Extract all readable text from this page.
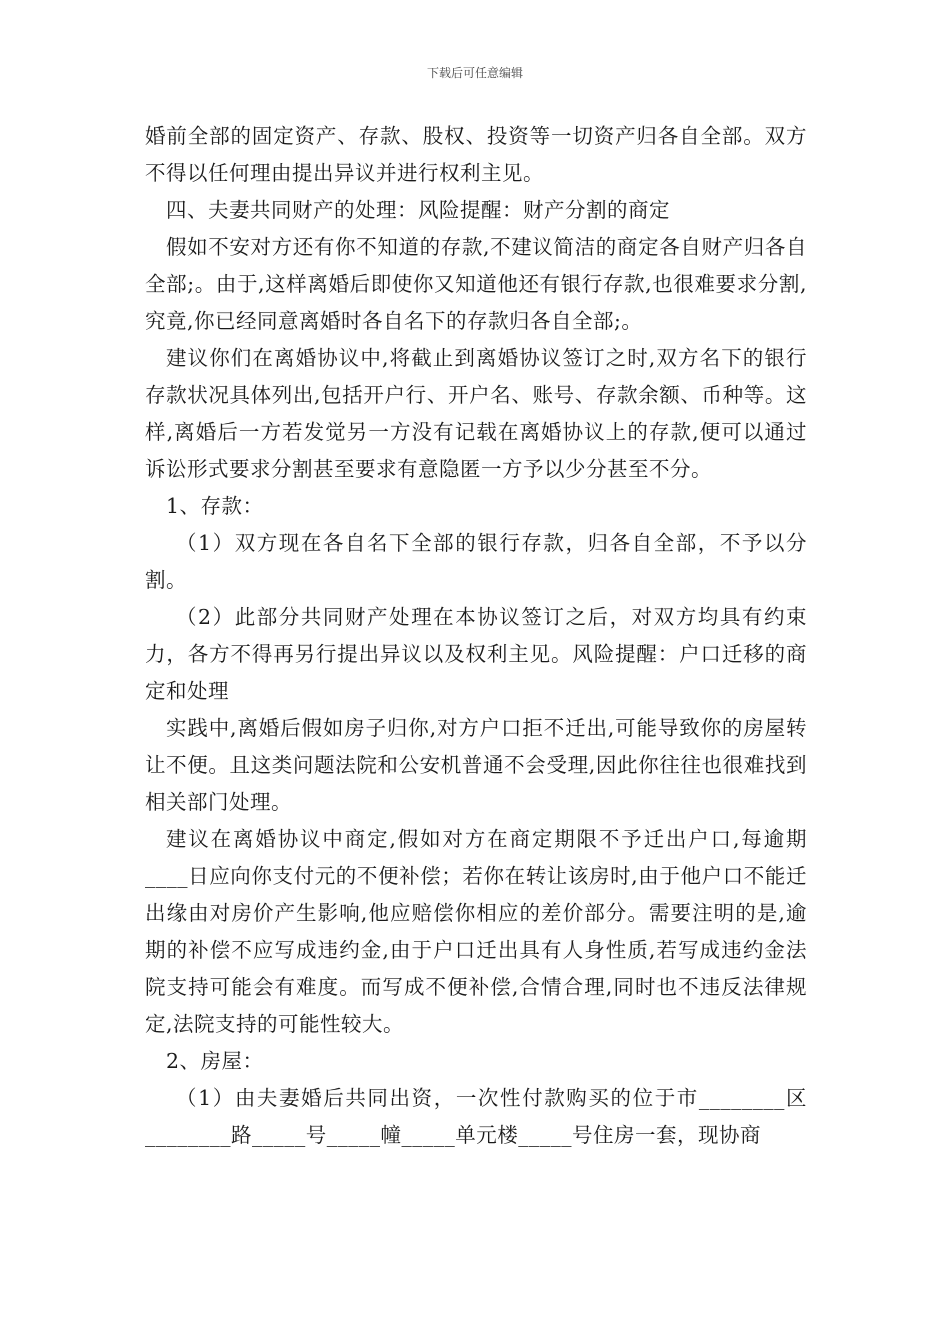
下载后可任意编辑

婚前全部的固定资产、存款、股权、投资等一切资产归各自全部。双方不得以任何理由提出异议并进行权利主见。

四、夫妻共同财产的处理：风险提醒：财产分割的商定

假如不安对方还有你不知道的存款,不建议简洁的商定各自财产归各自全部;。由于,这样离婚后即使你又知道他还有银行存款,也很难要求分割,究竟,你已经同意离婚时各自名下的存款归各自全部;。

建议你们在离婚协议中,将截止到离婚协议签订之时,双方名下的银行存款状况具体列出,包括开户行、开户名、账号、存款余额、币种等。这样,离婚后一方若发觉另一方没有记载在离婚协议上的存款,便可以通过诉讼形式要求分割甚至要求有意隐匿一方予以少分甚至不分。

1、存款：

（1）双方现在各自名下全部的银行存款，归各自全部，不予以分割。

（2）此部分共同财产处理在本协议签订之后，对双方均具有约束力，各方不得再另行提出异议以及权利主见。风险提醒：户口迁移的商定和处理

实践中,离婚后假如房子归你,对方户口拒不迁出,可能导致你的房屋转让不便。且这类问题法院和公安机普通不会受理,因此你往往也很难找到相关部门处理。

建议在离婚协议中商定,假如对方在商定期限不予迁出户口,每逾期____日应向你支付元的不便补偿；若你在转让该房时,由于他户口不能迁出缘由对房价产生影响,他应赔偿你相应的差价部分。需要注明的是,逾期的补偿不应写成违约金,由于户口迁出具有人身性质,若写成违约金法院支持可能会有难度。而写成不便补偿,合情合理,同时也不违反法律规定,法院支持的可能性较大。

2、房屋：

（1）由夫妻婚后共同出资，一次性付款购买的位于市________区________路_____号_____幢_____单元楼_____号住房一套，现协商
